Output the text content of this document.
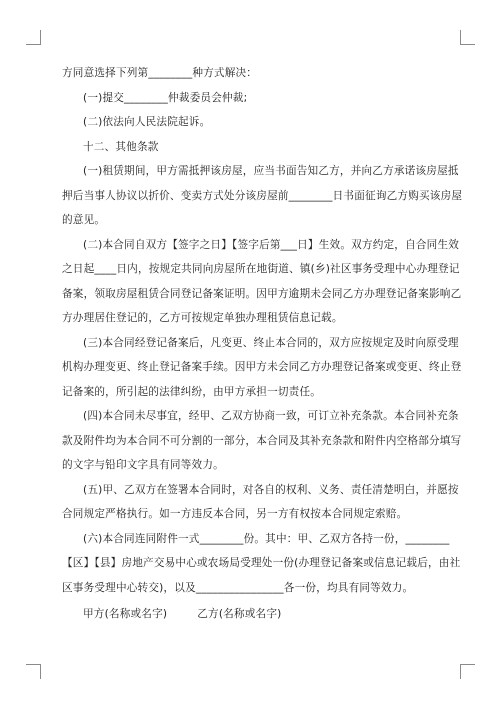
方同意选择下列第________种方式解决：

(一)提交________仲裁委员会仲裁;

(二)依法向人民法院起诉。

十二、其他条款

(一)租赁期间，甲方需抵押该房屋，应当书面告知乙方，并向乙方承诺该房屋抵

押后当事人协议以折价、变卖方式处分该房屋前________日书面征询乙方购买该房屋

的意见。

(二)本合同自双方【签字之日】【签字后第___日】生效。双方约定，自合同生效

之日起____日内，按规定共同向房屋所在地街道、镇(乡)社区事务受理中心办理登记

备案，领取房屋租赁合同登记备案证明。因甲方逾期未会同乙方办理登记备案影响乙

方办理居住登记的，乙方可按规定单独办理租赁信息记载。

(三)本合同经登记备案后，凡变更、终止本合同的，双方应按规定及时向原受理

机构办理变更、终止登记备案手续。因甲方未会同乙方办理登记备案或变更、终止登

记备案的，所引起的法律纠纷，由甲方承担一切责任。

(四)本合同未尽事宜，经甲、乙双方协商一致，可订立补充条款。本合同补充条

款及附件均为本合同不可分割的一部分，本合同及其补充条款和附件内空格部分填写

的文字与铅印文字具有同等效力。

(五)甲、乙双方在签署本合同时，对各自的权利、义务、责任清楚明白，并愿按

合同规定严格执行。如一方违反本合同，另一方有权按本合同规定索赔。

(六)本合同连同附件一式________份。其中：甲、乙双方各持一份，________

【区】【县】房地产交易中心或农场局受理处一份(办理登记备案或信息记载后，由社

区事务受理中心转交)，以及________________各一份，均具有同等效力。

甲方(名称或名字)	乙方(名称或名字)
